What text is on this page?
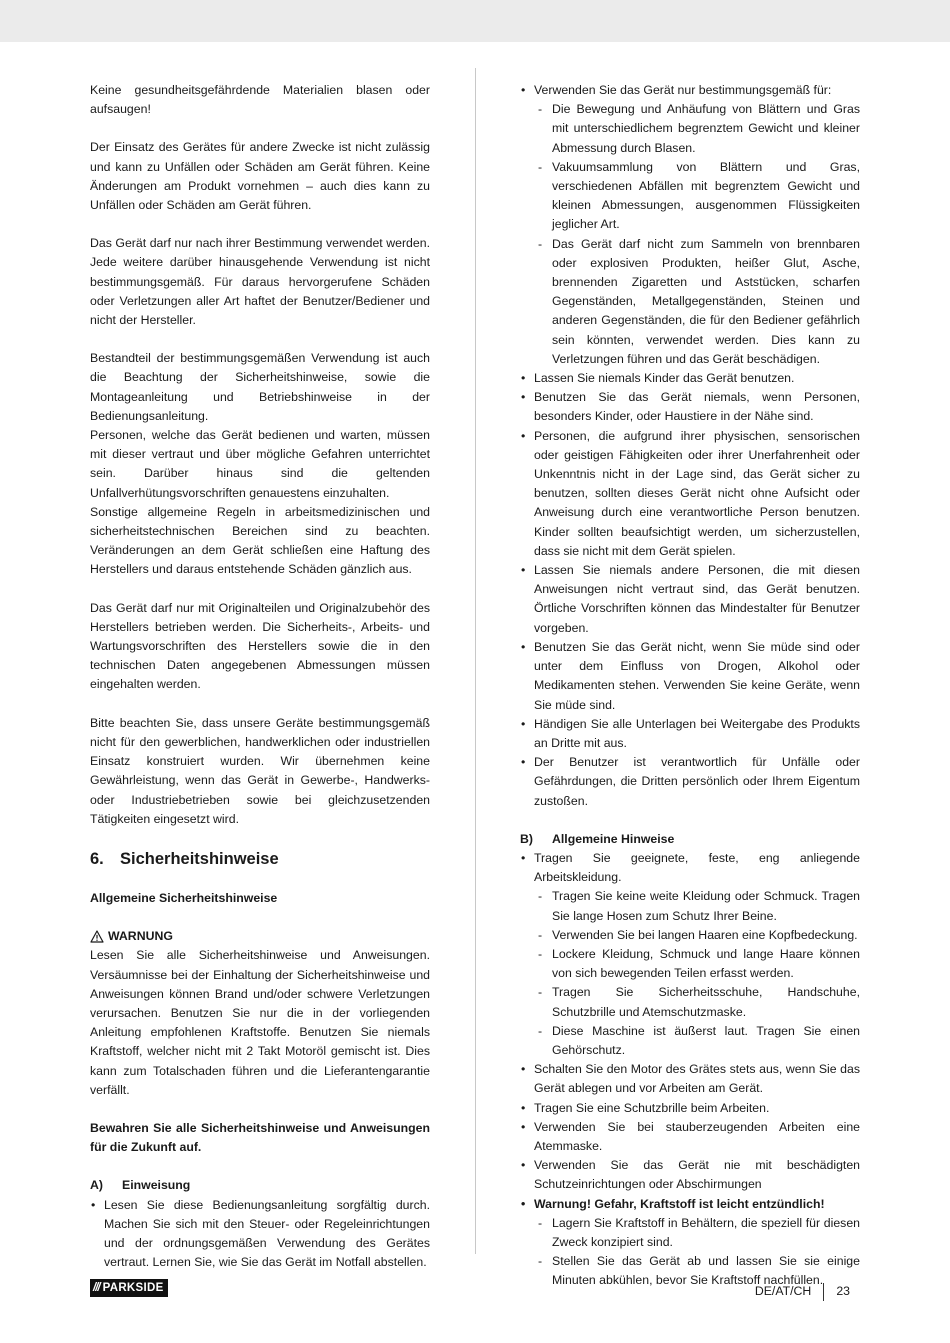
Keine gesundheitsgefährdende Materialien blasen oder aufsaugen!

Der Einsatz des Gerätes für andere Zwecke ist nicht zulässig und kann zu Unfällen oder Schäden am Gerät führen. Keine Änderungen am Produkt vornehmen – auch dies kann zu Unfällen oder Schäden am Gerät führen.

Das Gerät darf nur nach ihrer Bestimmung verwendet werden. Jede weitere darüber hinausgehende Verwendung ist nicht bestimmungsgemäß. Für daraus hervorgerufene Schäden oder Verletzungen aller Art haftet der Benutzer/Bediener und nicht der Hersteller.

Bestandteil der bestimmungsgemäßen Verwendung ist auch die Beachtung der Sicherheitshinweise, sowie die Montageanleitung und Betriebshinweise in der Bedienungsanleitung.

Personen, welche das Gerät bedienen und warten, müssen mit dieser vertraut und über mögliche Gefahren unterrichtet sein. Darüber hinaus sind die geltenden Unfallverhütungsvorschriften genauestens einzuhalten.

Sonstige allgemeine Regeln in arbeitsmedizinischen und sicherheitstechnischen Bereichen sind zu beachten. Veränderungen an dem Gerät schließen eine Haftung des Herstellers und daraus entstehende Schäden gänzlich aus.

Das Gerät darf nur mit Originalteilen und Originalzubehör des Herstellers betrieben werden. Die Sicherheits-, Arbeits- und Wartungsvorschriften des Herstellers sowie die in den technischen Daten angegebenen Abmessungen müssen eingehalten werden.

Bitte beachten Sie, dass unsere Geräte bestimmungsgemäß nicht für den gewerblichen, handwerklichen oder industriellen Einsatz konstruiert wurden. Wir übernehmen keine Gewährleistung, wenn das Gerät in Gewerbe-, Handwerks- oder Industriebetrieben sowie bei gleichzusetzenden Tätigkeiten eingesetzt wird.

6. Sicherheitshinweise

Allgemeine Sicherheitshinweise

WARNUNG

Lesen Sie alle Sicherheitshinweise und Anweisungen. Versäumnisse bei der Einhaltung der Sicherheitshinweise und Anweisungen können Brand und/oder schwere Verletzungen verursachen. Benutzen Sie nur die in der vorliegenden Anleitung empfohlenen Kraftstoffe. Benutzen Sie niemals Kraftstoff, welcher nicht mit 2 Takt Motoröl gemischt ist. Dies kann zum Totalschaden führen und die Lieferantengarantie verfällt.

Bewahren Sie alle Sicherheitshinweise und Anweisungen für die Zukunft auf.

A)	Einweisung

• Lesen Sie diese Bedienungsanleitung sorgfältig durch. Machen Sie sich mit den Steuer- oder Regeleinrichtungen und der ordnungsgemäßen Verwendung des Gerätes vertraut. Lernen Sie, wie Sie das Gerät im Notfall abstellen.
• Verwenden Sie das Gerät nur bestimmungsgemäß für:
- Die Bewegung und Anhäufung von Blättern und Gras mit unterschiedlichem begrenztem Gewicht und kleiner Abmessung durch Blasen.
- Vakuumsammlung von Blättern und Gras, verschiedenen Abfällen mit begrenztem Gewicht und kleinen Abmessungen, ausgenommen Flüssigkeiten jeglicher Art.
- Das Gerät darf nicht zum Sammeln von brennbaren oder explosiven Produkten, heißer Glut, Asche, brennenden Zigaretten und Aststücken, scharfen Gegenständen, Metallgegenständen, Steinen und anderen Gegenständen, die für den Bediener gefährlich sein könnten, verwendet werden. Dies kann zu Verletzungen führen und das Gerät beschädigen.
• Lassen Sie niemals Kinder das Gerät benutzen.
• Benutzen Sie das Gerät niemals, wenn Personen, besonders Kinder, oder Haustiere in der Nähe sind.
• Personen, die aufgrund ihrer physischen, sensorischen oder geistigen Fähigkeiten oder ihrer Unerfahrenheit oder Unkenntnis nicht in der Lage sind, das Gerät sicher zu benutzen, sollten dieses Gerät nicht ohne Aufsicht oder Anweisung durch eine verantwortliche Person benutzen. Kinder sollten beaufsichtigt werden, um sicherzustellen, dass sie nicht mit dem Gerät spielen.
• Lassen Sie niemals andere Personen, die mit diesen Anweisungen nicht vertraut sind, das Gerät benutzen. Örtliche Vorschriften können das Mindestalter für Benutzer vorgeben.
• Benutzen Sie das Gerät nicht, wenn Sie müde sind oder unter dem Einfluss von Drogen, Alkohol oder Medikamenten stehen. Verwenden Sie keine Geräte, wenn Sie müde sind.
• Händigen Sie alle Unterlagen bei Weitergabe des Produkts an Dritte mit aus.
• Der Benutzer ist verantwortlich für Unfälle oder Gefährdungen, die Dritten persönlich oder Ihrem Eigentum zustoßen.

B)	Allgemeine Hinweise

• Tragen Sie geeignete, feste, eng anliegende Arbeitskleidung.
- Tragen Sie keine weite Kleidung oder Schmuck. Tragen Sie lange Hosen zum Schutz Ihrer Beine.
- Verwenden Sie bei langen Haaren eine Kopfbedeckung.
- Lockere Kleidung, Schmuck und lange Haare können von sich bewegenden Teilen erfasst werden.
- Tragen Sie Sicherheitsschuhe, Handschuhe, Schutzbrille und Atemschutzmaske.
- Diese Maschine ist äußerst laut. Tragen Sie einen Gehörschutz.
• Schalten Sie den Motor des Grätes stets aus, wenn Sie das Gerät ablegen und vor Arbeiten am Gerät.
• Tragen Sie eine Schutzbrille beim Arbeiten.
• Verwenden Sie bei stauberzeugenden Arbeiten eine Atemmaske.
• Verwenden Sie das Gerät nie mit beschädigten Schutzeinrichtungen oder Abschirmungen
• Warnung! Gefahr, Kraftstoff ist leicht entzündlich!
- Lagern Sie Kraftstoff in Behältern, die speziell für diesen Zweck konzipiert sind.
- Stellen Sie das Gerät ab und lassen Sie sie einige Minuten abkühlen, bevor Sie Kraftstoff nachfüllen.
/// PARKSIDE	DE/AT/CH 23
